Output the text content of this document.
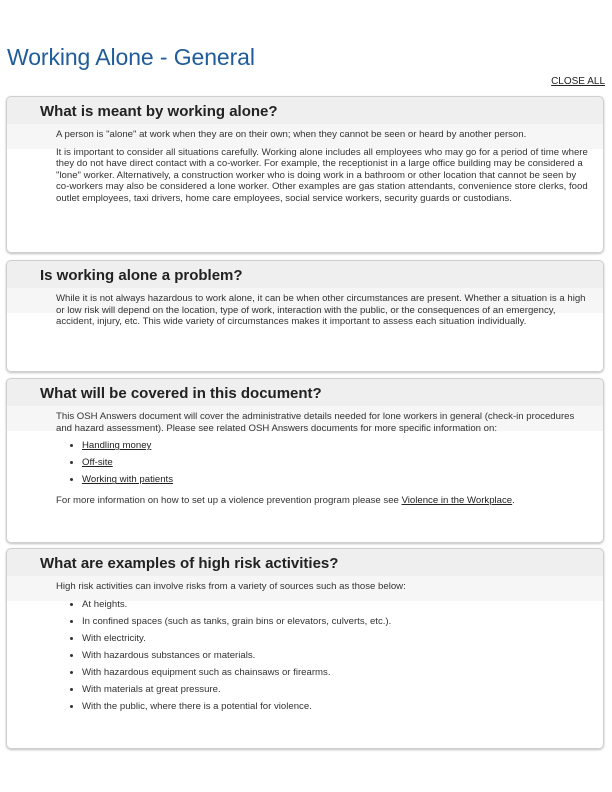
Working Alone - General
CLOSE ALL
What is meant by working alone?

A person is "alone" at work when they are on their own; when they cannot be seen or heard by another person.

It is important to consider all situations carefully. Working alone includes all employees who may go for a period of time where they do not have direct contact with a co-worker. For example, the receptionist in a large office building may be considered a "lone" worker. Alternatively, a construction worker who is doing work in a bathroom or other location that cannot be seen by co-workers may also be considered a lone worker. Other examples are gas station attendants, convenience store clerks, food outlet employees, taxi drivers, home care employees, social service workers, security guards or custodians.

Is working alone a problem?

While it is not always hazardous to work alone, it can be when other circumstances are present. Whether a situation is a high or low risk will depend on the location, type of work, interaction with the public, or the consequences of an emergency, accident, injury, etc. This wide variety of circumstances makes it important to assess each situation individually.

What will be covered in this document?

This OSH Answers document will cover the administrative details needed for lone workers in general (check-in procedures and hazard assessment). Please see related OSH Answers documents for more specific information on:

• Handling money
• Off-site
• Working with patients

For more information on how to set up a violence prevention program please see Violence in the Workplace.

What are examples of high risk activities?

High risk activities can involve risks from a variety of sources such as those below:

• At heights.
• In confined spaces (such as tanks, grain bins or elevators, culverts, etc.).
• With electricity.
• With hazardous substances or materials.
• With hazardous equipment such as chainsaws or firearms.
• With materials at great pressure.
• With the public, where there is a potential for violence.
